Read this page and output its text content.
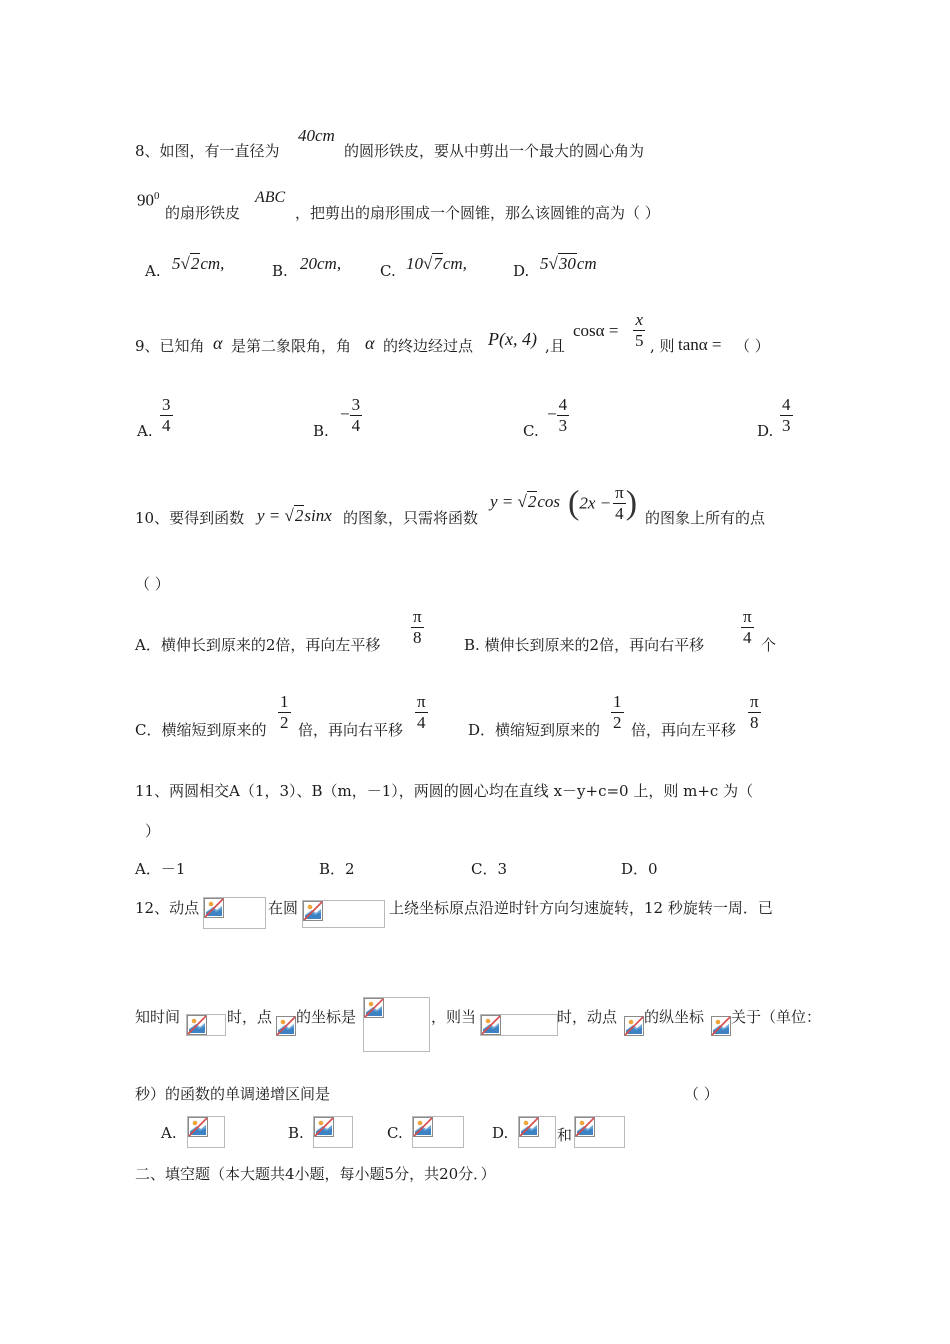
8、如图，有一直径为
40cm
的圆形铁皮，要从中剪出一个最大的圆心角为
$90^0$
的扇形铁皮
ABC
，把剪出的扇形围成一个圆锥，那么该圆锥的高为（ ）
A. 5√2cm,	B. 20cm,	C. 10√7cm,	D. 5√30cm
9、已知角 α 是第二象限角，角 α 的终边经过点 P(x, 4) ,且
$\cos\alpha = \frac{x}{5}$ , 则 tanα = （ ）
A. $\frac{3}{4}$	B.
− $\frac{3}{4}$	C.
− $\frac{4}{3}$	D. $\frac{4}{3}$
10、要得到函数 y = √2sinx 的图象，只需将函数
y = √2cos ($2x - \frac{\pi}{4}$ ) 的图象上所有的点
（ ）
A．横伸长到原来的2倍，再向左平移 $\frac{\pi}{8}$	B. 横伸长到原来的2倍，再向右平移 $\frac{\pi}{4}$ 个
C．横缩短到原来的 $\frac{1}{2}$ 倍，再向右平移 $\frac{\pi}{4}$	D．横缩短到原来的 $\frac{1}{2}$ 倍，再向左平移 $\frac{\pi}{8}$
11、两圆相交A（1，3）、B（m，－1），两圆的圆心均在直线 x－y+c=0 上，则 m+c 为（
）
A．－1	B．2	C．3	D．0
12、动点	在圆	上绕坐标原点沿逆时针方向匀速旋转，12 秒旋转一周．已
知时间	时，点 的坐标是	，则当	时，动点 的纵坐标 关于（单位：
秒）的函数的单调递增区间是	（ ）
A.	B.	C.	D.	和
二、填空题（本大题共4小题，每小题5分，共20分．）
